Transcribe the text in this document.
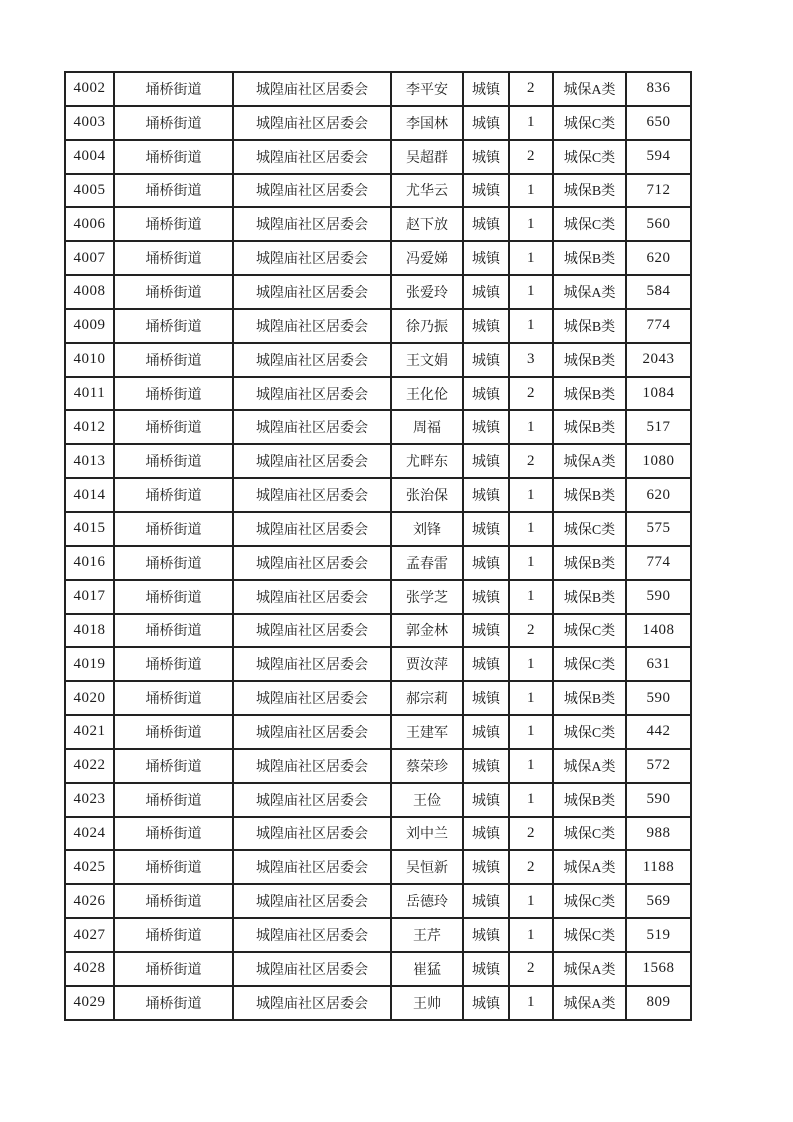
4002	埇桥街道	城隍庙社区居委会	李平安	城镇	2	城保A类	836
4003	埇桥街道	城隍庙社区居委会	李国林	城镇	1	城保C类	650
4004	埇桥街道	城隍庙社区居委会	吴超群	城镇	2	城保C类	594
4005	埇桥街道	城隍庙社区居委会	尤华云	城镇	1	城保B类	712
4006	埇桥街道	城隍庙社区居委会	赵下放	城镇	1	城保C类	560
4007	埇桥街道	城隍庙社区居委会	冯爱娣	城镇	1	城保B类	620
4008	埇桥街道	城隍庙社区居委会	张爱玲	城镇	1	城保A类	584
4009	埇桥街道	城隍庙社区居委会	徐乃振	城镇	1	城保B类	774
4010	埇桥街道	城隍庙社区居委会	王文娟	城镇	3	城保B类	2043
4011	埇桥街道	城隍庙社区居委会	王化伦	城镇	2	城保B类	1084
4012	埇桥街道	城隍庙社区居委会	周福	城镇	1	城保B类	517
4013	埇桥街道	城隍庙社区居委会	尤畔东	城镇	2	城保A类	1080
4014	埇桥街道	城隍庙社区居委会	张治保	城镇	1	城保B类	620
4015	埇桥街道	城隍庙社区居委会	刘锋	城镇	1	城保C类	575
4016	埇桥街道	城隍庙社区居委会	孟春雷	城镇	1	城保B类	774
4017	埇桥街道	城隍庙社区居委会	张学芝	城镇	1	城保B类	590
4018	埇桥街道	城隍庙社区居委会	郭金林	城镇	2	城保C类	1408
4019	埇桥街道	城隍庙社区居委会	贾汝萍	城镇	1	城保C类	631
4020	埇桥街道	城隍庙社区居委会	郝宗莉	城镇	1	城保B类	590
4021	埇桥街道	城隍庙社区居委会	王建军	城镇	1	城保C类	442
4022	埇桥街道	城隍庙社区居委会	蔡荣珍	城镇	1	城保A类	572
4023	埇桥街道	城隍庙社区居委会	王俭	城镇	1	城保B类	590
4024	埇桥街道	城隍庙社区居委会	刘中兰	城镇	2	城保C类	988
4025	埇桥街道	城隍庙社区居委会	吴恒新	城镇	2	城保A类	1188
4026	埇桥街道	城隍庙社区居委会	岳德玲	城镇	1	城保C类	569
4027	埇桥街道	城隍庙社区居委会	王芹	城镇	1	城保C类	519
4028	埇桥街道	城隍庙社区居委会	崔猛	城镇	2	城保A类	1568
4029	埇桥街道	城隍庙社区居委会	王帅	城镇	1	城保A类	809
